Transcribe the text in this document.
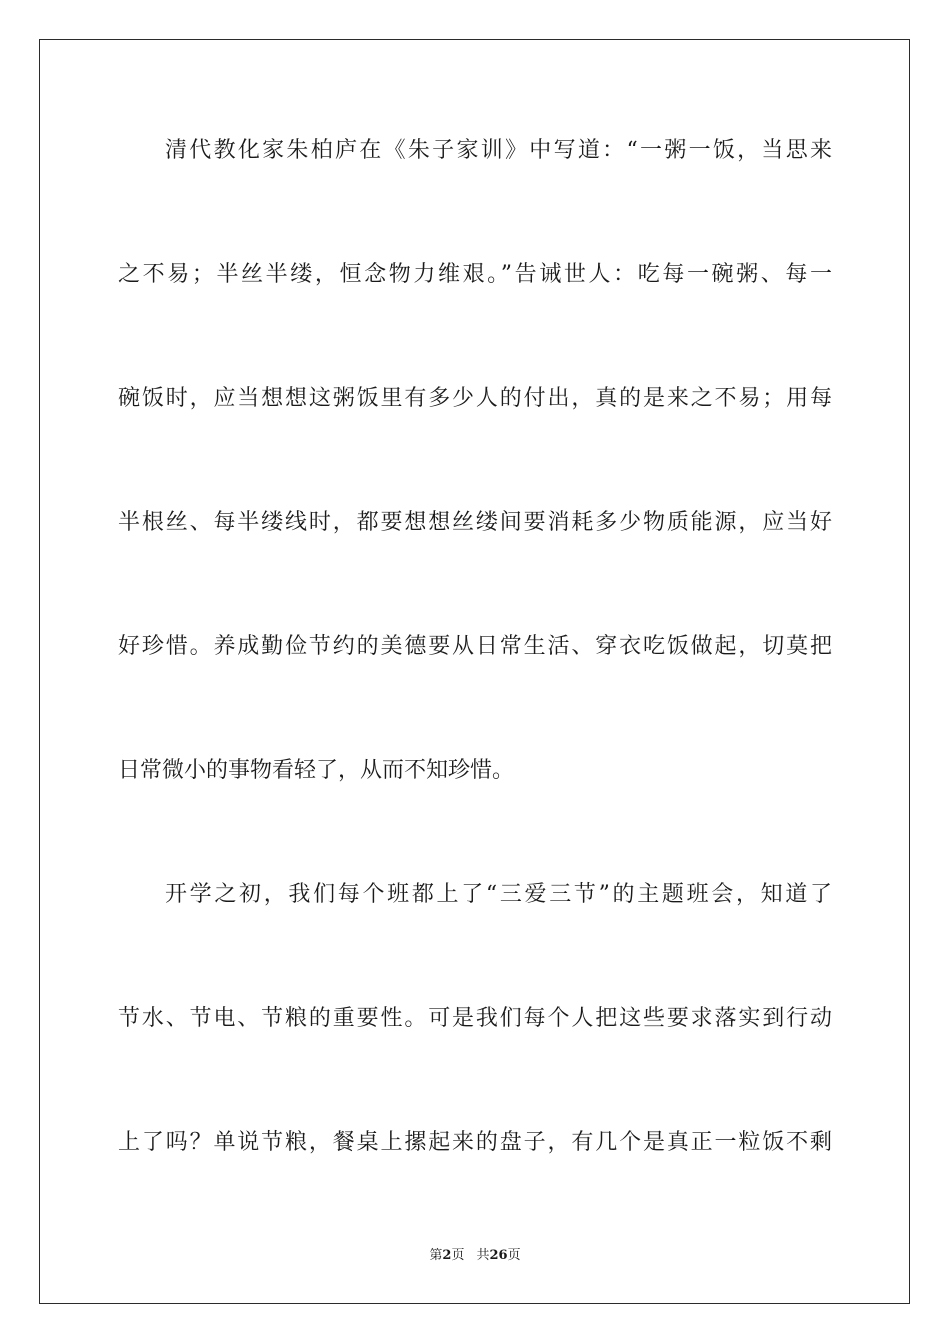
清代教化家朱柏庐在《朱子家训》中写道：“一粥一饭，当思来
之不易；半丝半缕，恒念物力维艰。”告诫世人：吃每一碗粥、每一
碗饭时，应当想想这粥饭里有多少人的付出，真的是来之不易；用每
半根丝、每半缕线时，都要想想丝缕间要消耗多少物质能源，应当好
好珍惜。养成勤俭节约的美德要从日常生活、穿衣吃饭做起，切莫把
日常微小的事物看轻了，从而不知珍惜。
开学之初，我们每个班都上了“三爱三节”的主题班会，知道了
节水、节电、节粮的重要性。可是我们每个人把这些要求落实到行动
上了吗？单说节粮，餐桌上摞起来的盘子，有几个是真正一粒饭不剩
第2页 共26页
